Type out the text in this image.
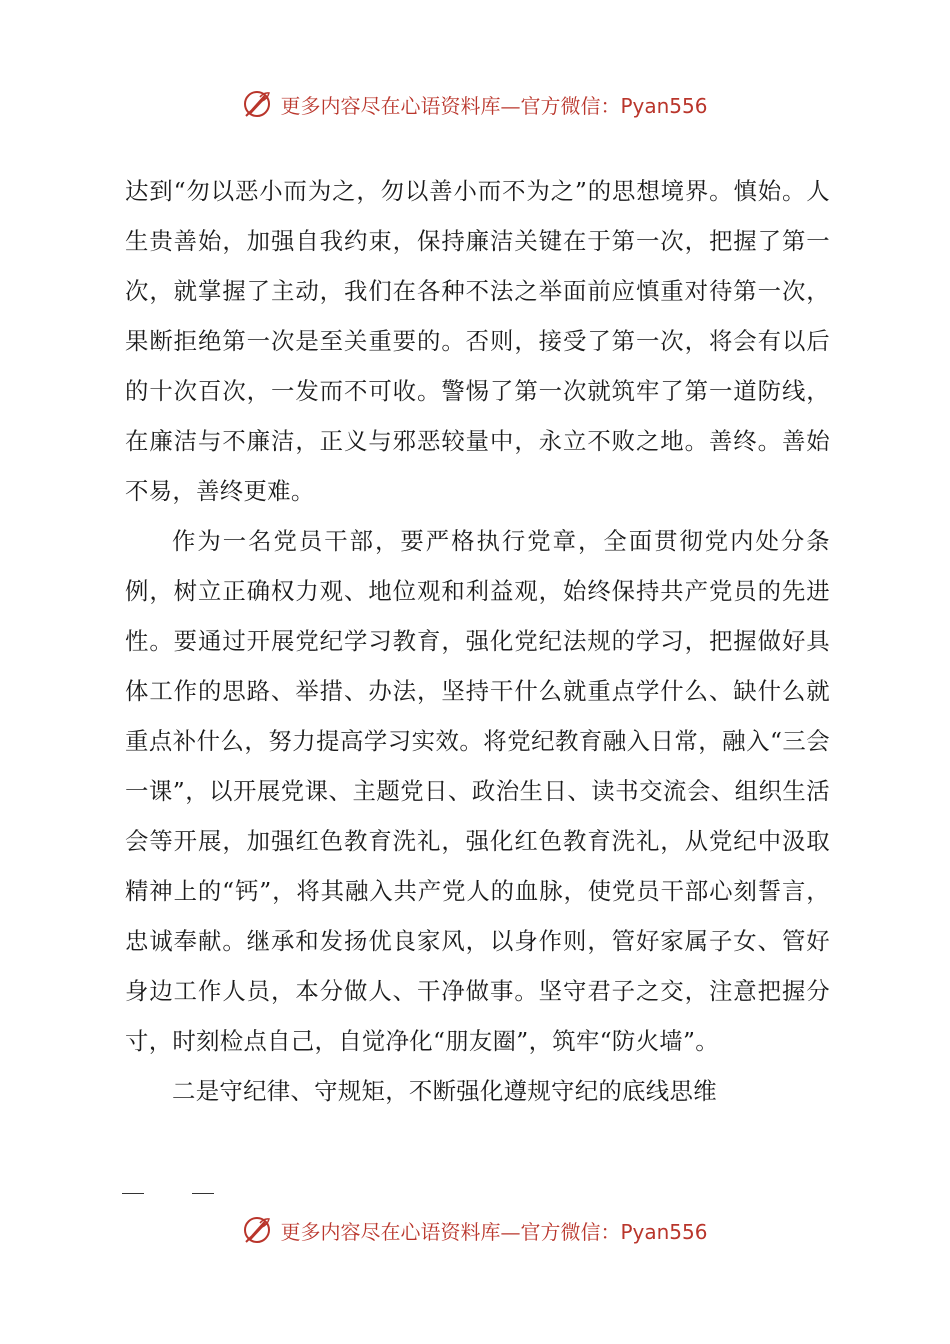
更多内容尽在心语资料库—官方微信：Pyan556

达到“勿以恶小而为之，勿以善小而不为之”的思想境界。慎始。人生贵善始，加强自我约束，保持廉洁关键在于第一次，把握了第一次，就掌握了主动，我们在各种不法之举面前应慎重对待第一次，果断拒绝第一次是至关重要的。否则，接受了第一次，将会有以后的十次百次，一发而不可收。警惕了第一次就筑牢了第一道防线，在廉洁与不廉洁，正义与邪恶较量中，永立不败之地。善终。善始不易，善终更难。

作为一名党员干部，要严格执行党章，全面贯彻党内处分条例，树立正确权力观、地位观和利益观，始终保持共产党员的先进性。要通过开展党纪学习教育，强化党纪法规的学习，把握做好具体工作的思路、举措、办法，坚持干什么就重点学什么、缺什么就重点补什么，努力提高学习实效。将党纪教育融入日常，融入“三会一课”，以开展党课、主题党日、政治生日、读书交流会、组织生活会等开展，加强红色教育洗礼，强化红色教育洗礼，从党纪中汲取精神上的“钙”，将其融入共产党人的血脉，使党员干部心刻誓言，忠诚奉献。继承和发扬优良家风，以身作则，管好家属子女、管好身边工作人员，本分做人、干净做事。坚守君子之交，注意把握分寸，时刻检点自己，自觉净化“朋友圈”，筑牢“防火墙”。

二是守纪律、守规矩，不断强化遵规守纪的底线思维

更多内容尽在心语资料库—官方微信：Pyan556
